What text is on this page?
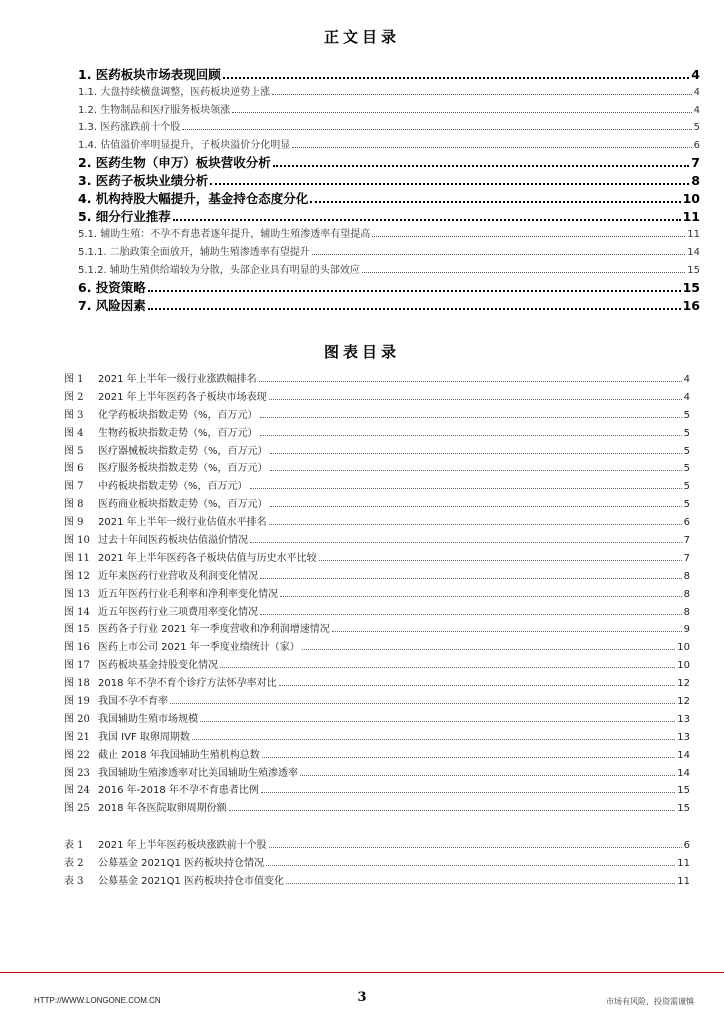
正文目录
1. 医药板块市场表现回顾	4
1.1. 大盘持续横盘调整，医药板块逆势上涨	4
1.2. 生物制品和医疗服务板块领涨	4
1.3. 医药涨跌前十个股	5
1.4. 估值溢价率明显提升，子板块溢价分化明显	6
2. 医药生物（申万）板块营收分析	7
3. 医药子板块业绩分析	8
4. 机构持股大幅提升，基金持仓态度分化	10
5. 细分行业推荐	11
5.1. 辅助生殖：不孕不育患者逐年提升，辅助生殖渗透率有望提高	11
5.1.1. 二胎政策全面放开，辅助生殖渗透率有望提升	14
5.1.2. 辅助生殖供给端较为分散，头部企业具有明显的头部效应	15
6. 投资策略	15
7. 风险因素	16
图表目录
图 1	2021 年上半年一级行业涨跌幅排名	4
图 2	2021 年上半年医药各子板块市场表现	4
图 3	化学药板块指数走势（%，百万元）	5
图 4	生物药板块指数走势（%，百万元）	5
图 5	医疗器械板块指数走势（%，百万元）	5
图 6	医疗服务板块指数走势（%，百万元）	5
图 7	中药板块指数走势（%，百万元）	5
图 8	医药商业板块指数走势（%，百万元）	5
图 9	2021 年上半年一级行业估值水平排名	6
图 10 过去十年间医药板块估值溢价情况	7
图 11 2021 年上半年医药各子板块估值与历史水平比较	7
图 12 近年来医药行业营收及利润变化情况	8
图 13 近五年医药行业毛利率和净利率变化情况	8
图 14 近五年医药行业三项费用率变化情况	8
图 15 医药各子行业 2021 年一季度营收和净利润增速情况	9
图 16 医药上市公司 2021 年一季度业绩统计（家）	10
图 17 医药板块基金持股变化情况	10
图 18 2018 年不孕不育个诊疗方法怀孕率对比	12
图 19 我国不孕不育率	12
图 20 我国辅助生殖市场规模	13
图 21 我国 IVF 取卵周期数	13
图 22 截止 2018 年我国辅助生殖机构总数	14
图 23 我国辅助生殖渗透率对比美国辅助生殖渗透率	14
图 24 2016 年-2018 年不孕不育患者比例	15
图 25 2018 年各医院取卵周期份额	15
表 1	2021 年上半年医药板块涨跌前十个股	6
表 2	公募基金 2021Q1 医药板块持仓情况	11
表 3	公募基金 2021Q1 医药板块持仓市值变化	11
HTTP://WWW.LONGONE.COM.CN	3	市场有风险，投资需谨慎
